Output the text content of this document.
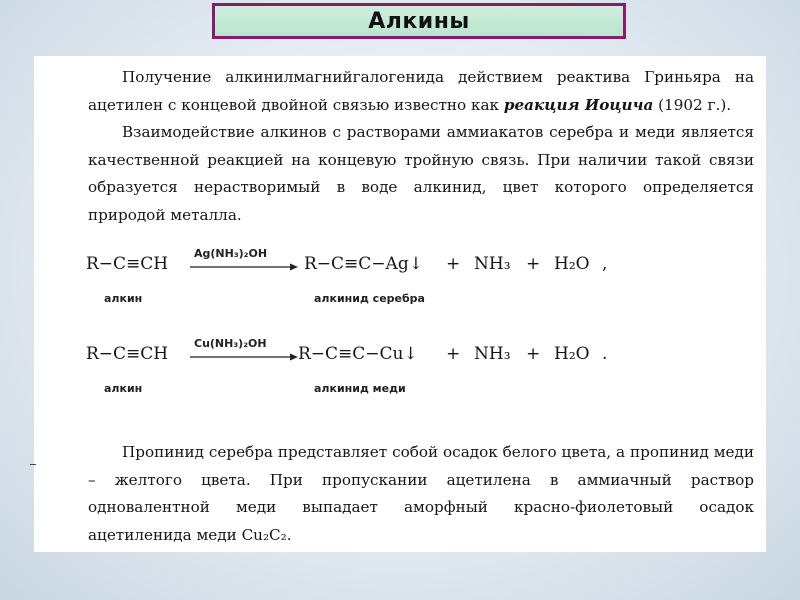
Алкины

Получение алкинилмагнийгалогенида действием реактива Гриньяра на ацетилен с концевой двойной связью известно как реакция Иоцича (1902 г.).

Взаимодействие алкинов с растворами аммиакатов серебра и меди является качественной реакцией на концевую тройную связь. При наличии такой связи образуется нерастворимый в воде алкинид, цвет которого определяется природой металла.

R−C≡CH
Ag(NH₃)₂OH
R−C≡C−Ag↓ + NH₃ + H₂O ,
алкин	алкинид серебра
R−C≡CH
Cu(NH₃)₂OH
R−C≡C−Cu↓ + NH₃ + H₂O .
алкин	алкинид меди

Пропинид серебра представляет собой осадок белого цвета, а пропинид меди – желтого цвета. При пропускании ацетилена в аммиачный раствор одновалентной меди выпадает аморфный красно-фиолетовый осадок ацетиленида меди Cu₂C₂.
